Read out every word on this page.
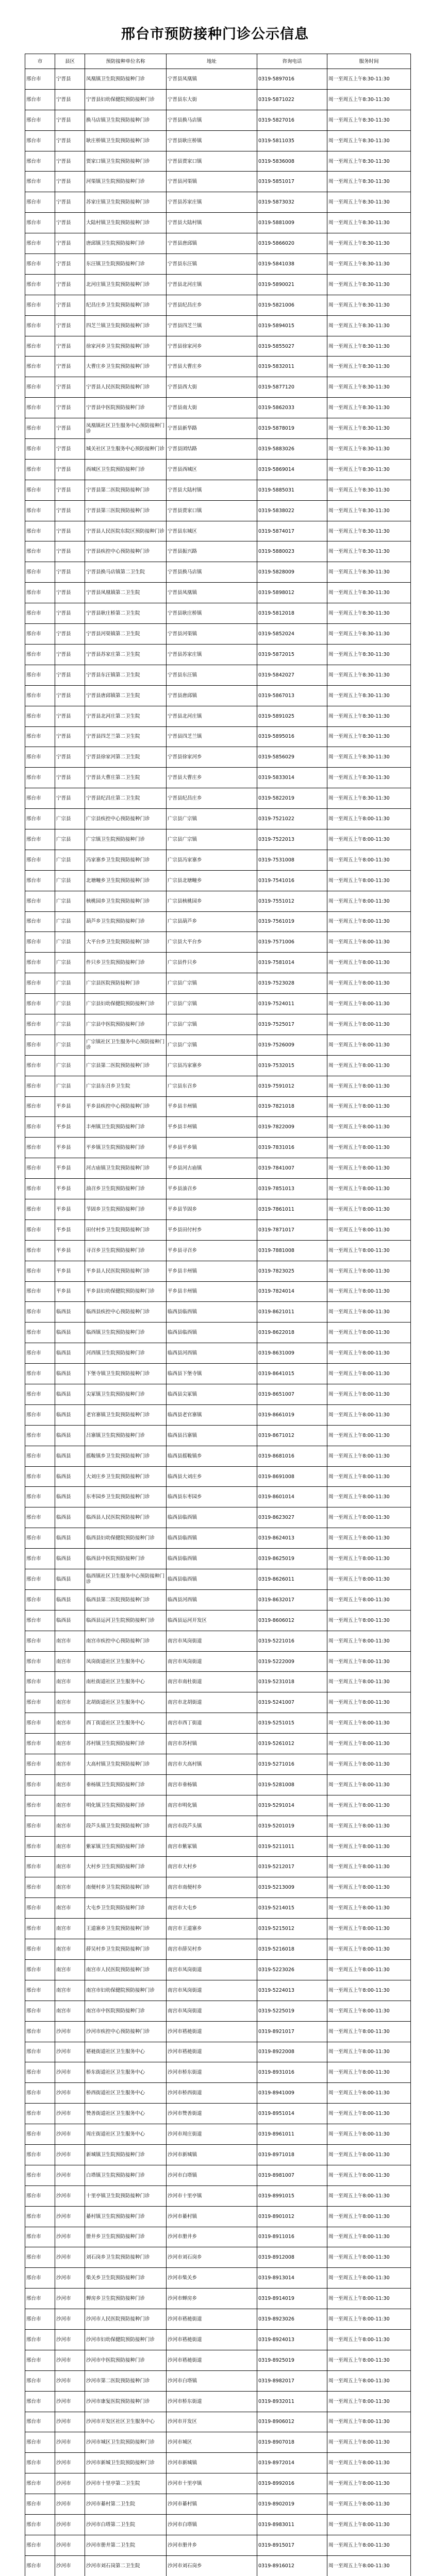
邢台市预防接种门诊公示信息
市	县区	预防接种单位名称	地址	咨询电话	服务时间
邢台市	宁晋县	凤凰镇卫生院预防接种门诊	宁晋县凤凰镇	0319-5897016	周一至周五上午8:30-11:30
邢台市	宁晋县	宁晋县妇幼保健院预防接种门诊	宁晋县东大街	0319-5871022	周一至周五上午8:30-11:30
邢台市	宁晋县	换马店镇卫生院预防接种门诊	宁晋县换马店镇	0319-5827016	周一至周五上午8:30-11:30
邢台市	宁晋县	耿庄桥镇卫生院预防接种门诊	宁晋县耿庄桥镇	0319-5811035	周一至周五上午8:30-11:30
邢台市	宁晋县	贾家口镇卫生院预防接种门诊	宁晋县贾家口镇	0319-5836008	周一至周五上午8:30-11:30
邢台市	宁晋县	河渠镇卫生院预防接种门诊	宁晋县河渠镇	0319-5851017	周一至周五上午8:30-11:30
邢台市	宁晋县	苏家庄镇卫生院预防接种门诊	宁晋县苏家庄镇	0319-5873032	周一至周五上午8:30-11:30
邢台市	宁晋县	大陆村镇卫生院预防接种门诊	宁晋县大陆村镇	0319-5881009	周一至周五上午8:30-11:30
邢台市	宁晋县	唐邱镇卫生院预防接种门诊	宁晋县唐邱镇	0319-5866020	周一至周五上午8:30-11:30
邢台市	宁晋县	东汪镇卫生院预防接种门诊	宁晋县东汪镇	0319-5841038	周一至周五上午8:30-11:30
邢台市	宁晋县	北河庄镇卫生院预防接种门诊	宁晋县北河庄镇	0319-5890021	周一至周五上午8:30-11:30
邢台市	宁晋县	纪昌庄乡卫生院预防接种门诊	宁晋县纪昌庄乡	0319-5821006	周一至周五上午8:30-11:30
邢台市	宁晋县	四芝兰镇卫生院预防接种门诊	宁晋县四芝兰镇	0319-5894015	周一至周五上午8:30-11:30
邢台市	宁晋县	徐家河乡卫生院预防接种门诊	宁晋县徐家河乡	0319-5855027	周一至周五上午8:30-11:30
邢台市	宁晋县	大曹庄乡卫生院预防接种门诊	宁晋县大曹庄乡	0319-5832011	周一至周五上午8:30-11:30
邢台市	宁晋县	宁晋县人民医院预防接种门诊	宁晋县西大街	0319-5877120	周一至周五上午8:30-11:30
邢台市	宁晋县	宁晋县中医院预防接种门诊	宁晋县南大街	0319-5862033	周一至周五上午8:30-11:30
邢台市	宁晋县	凤凰镇社区卫生服务中心预防接种门诊	宁晋县新华路	0319-5878019	周一至周五上午8:30-11:30
邢台市	宁晋县	城关社区卫生服务中心预防接种门诊	宁晋县团结路	0319-5883026	周一至周五上午8:30-11:30
邢台市	宁晋县	西城区卫生院预防接种门诊	宁晋县西城区	0319-5869014	周一至周五上午8:30-11:30
邢台市	宁晋县	宁晋县第二医院预防接种门诊	宁晋县大陆村镇	0319-5885031	周一至周五上午8:30-11:30
邢台市	宁晋县	宁晋县第三医院预防接种门诊	宁晋县贾家口镇	0319-5838022	周一至周五上午8:30-11:30
邢台市	宁晋县	宁晋县人民医院东院区预防接种门诊	宁晋县东城区	0319-5874017	周一至周五上午8:30-11:30
邢台市	宁晋县	宁晋县疾控中心预防接种门诊	宁晋县振兴路	0319-5880023	周一至周五上午8:30-11:30
邢台市	宁晋县	宁晋县换马店镇第二卫生院	宁晋县换马店镇	0319-5828009	周一至周五上午8:30-11:30
邢台市	宁晋县	宁晋县凤凰镇第二卫生院	宁晋县凤凰镇	0319-5898012	周一至周五上午8:30-11:30
邢台市	宁晋县	宁晋县耿庄桥第二卫生院	宁晋县耿庄桥镇	0319-5812018	周一至周五上午8:30-11:30
邢台市	宁晋县	宁晋县河渠镇第二卫生院	宁晋县河渠镇	0319-5852024	周一至周五上午8:30-11:30
邢台市	宁晋县	宁晋县苏家庄第二卫生院	宁晋县苏家庄镇	0319-5872015	周一至周五上午8:30-11:30
邢台市	宁晋县	宁晋县东汪镇第二卫生院	宁晋县东汪镇	0319-5842027	周一至周五上午8:30-11:30
邢台市	宁晋县	宁晋县唐邱镇第二卫生院	宁晋县唐邱镇	0319-5867013	周一至周五上午8:30-11:30
邢台市	宁晋县	宁晋县北河庄第二卫生院	宁晋县北河庄镇	0319-5891025	周一至周五上午8:30-11:30
邢台市	宁晋县	宁晋县四芝兰第二卫生院	宁晋县四芝兰镇	0319-5895016	周一至周五上午8:30-11:30
邢台市	宁晋县	宁晋县徐家河第二卫生院	宁晋县徐家河乡	0319-5856029	周一至周五上午8:30-11:30
邢台市	宁晋县	宁晋县大曹庄第二卫生院	宁晋县大曹庄乡	0319-5833014	周一至周五上午8:30-11:30
邢台市	宁晋县	宁晋县纪昌庄第二卫生院	宁晋县纪昌庄乡	0319-5822019	周一至周五上午8:30-11:30
邢台市	广宗县	广宗县疾控中心预防接种门诊	广宗县广宗镇	0319-7521022	周一至周五上午8:00-11:30
邢台市	广宗县	广宗镇卫生院预防接种门诊	广宗县广宗镇	0319-7522013	周一至周五上午8:00-11:30
邢台市	广宗县	冯家寨乡卫生院预防接种门诊	广宗县冯家寨乡	0319-7531008	周一至周五上午8:00-11:30
邢台市	广宗县	北塘疃乡卫生院预防接种门诊	广宗县北塘疃乡	0319-7541016	周一至周五上午8:00-11:30
邢台市	广宗县	核桃园乡卫生院预防接种门诊	广宗县核桃园乡	0319-7551012	周一至周五上午8:00-11:30
邢台市	广宗县	葫芦乡卫生院预防接种门诊	广宗县葫芦乡	0319-7561019	周一至周五上午8:00-11:30
邢台市	广宗县	大平台乡卫生院预防接种门诊	广宗县大平台乡	0319-7571006	周一至周五上午8:00-11:30
邢台市	广宗县	件只乡卫生院预防接种门诊	广宗县件只乡	0319-7581014	周一至周五上午8:00-11:30
邢台市	广宗县	广宗县医院预防接种门诊	广宗县广宗镇	0319-7523028	周一至周五上午8:00-11:30
邢台市	广宗县	广宗县妇幼保健院预防接种门诊	广宗县广宗镇	0319-7524011	周一至周五上午8:00-11:30
邢台市	广宗县	广宗县中医院预防接种门诊	广宗县广宗镇	0319-7525017	周一至周五上午8:00-11:30
邢台市	广宗县	广宗镇社区卫生服务中心预防接种门诊	广宗县广宗镇	0319-7526009	周一至周五上午8:00-11:30
邢台市	广宗县	广宗县第二医院预防接种门诊	广宗县冯家寨乡	0319-7532015	周一至周五上午8:00-11:30
邢台市	广宗县	广宗县东召乡卫生院	广宗县东召乡	0319-7591012	周一至周五上午8:00-11:30
邢台市	平乡县	平乡县疾控中心预防接种门诊	平乡县丰州镇	0319-7821018	周一至周五上午8:00-11:30
邢台市	平乡县	丰州镇卫生院预防接种门诊	平乡县丰州镇	0319-7822009	周一至周五上午8:00-11:30
邢台市	平乡县	平乡镇卫生院预防接种门诊	平乡县平乡镇	0319-7831016	周一至周五上午8:00-11:30
邢台市	平乡县	河古庙镇卫生院预防接种门诊	平乡县河古庙镇	0319-7841007	周一至周五上午8:00-11:30
邢台市	平乡县	油召乡卫生院预防接种门诊	平乡县油召乡	0319-7851013	周一至周五上午8:00-11:30
邢台市	平乡县	节固乡卫生院预防接种门诊	平乡县节固乡	0319-7861011	周一至周五上午8:00-11:30
邢台市	平乡县	田付村乡卫生院预防接种门诊	平乡县田付村乡	0319-7871017	周一至周五上午8:00-11:30
邢台市	平乡县	寻召乡卫生院预防接种门诊	平乡县寻召乡	0319-7881008	周一至周五上午8:00-11:30
邢台市	平乡县	平乡县人民医院预防接种门诊	平乡县丰州镇	0319-7823025	周一至周五上午8:00-11:30
邢台市	平乡县	平乡县妇幼保健院预防接种门诊	平乡县丰州镇	0319-7824014	周一至周五上午8:00-11:30
邢台市	临西县	临西县疾控中心预防接种门诊	临西县临西镇	0319-8621011	周一至周五上午8:00-11:30
邢台市	临西县	临西镇卫生院预防接种门诊	临西县临西镇	0319-8622018	周一至周五上午8:00-11:30
邢台市	临西县	河西镇卫生院预防接种门诊	临西县河西镇	0319-8631009	周一至周五上午8:00-11:30
邢台市	临西县	下堡寺镇卫生院预防接种门诊	临西县下堡寺镇	0319-8641015	周一至周五上午8:00-11:30
邢台市	临西县	尖冢镇卫生院预防接种门诊	临西县尖冢镇	0319-8651007	周一至周五上午8:00-11:30
邢台市	临西县	老官寨镇卫生院预防接种门诊	临西县老官寨镇	0319-8661019	周一至周五上午8:00-11:30
邢台市	临西县	吕寨镇卫生院预防接种门诊	临西县吕寨镇	0319-8671012	周一至周五上午8:00-11:30
邢台市	临西县	摇鞍镇乡卫生院预防接种门诊	临西县摇鞍镇乡	0319-8681016	周一至周五上午8:00-11:30
邢台市	临西县	大刘庄乡卫生院预防接种门诊	临西县大刘庄乡	0319-8691008	周一至周五上午8:00-11:30
邢台市	临西县	东枣园乡卫生院预防接种门诊	临西县东枣园乡	0319-8601014	周一至周五上午8:00-11:30
邢台市	临西县	临西县人民医院预防接种门诊	临西县临西镇	0319-8623027	周一至周五上午8:00-11:30
邢台市	临西县	临西县妇幼保健院预防接种门诊	临西县临西镇	0319-8624013	周一至周五上午8:00-11:30
邢台市	临西县	临西县中医院预防接种门诊	临西县临西镇	0319-8625019	周一至周五上午8:00-11:30
邢台市	临西县	临西镇社区卫生服务中心预防接种门诊	临西县临西镇	0319-8626011	周一至周五上午8:00-11:30
邢台市	临西县	临西县第二医院预防接种门诊	临西县河西镇	0319-8632017	周一至周五上午8:00-11:30
邢台市	临西县	临西县运河卫生院预防接种门诊	临西县运河开发区	0319-8606012	周一至周五上午8:00-11:30
邢台市	南宫市	南宫市疾控中心预防接种门诊	南宫市凤岗街道	0319-5221016	周一至周五上午8:00-11:30
邢台市	南宫市	凤岗街道社区卫生服务中心	南宫市凤岗街道	0319-5222009	周一至周五上午8:00-11:30
邢台市	南宫市	南杜街道社区卫生服务中心	南宫市南杜街道	0319-5231018	周一至周五上午8:00-11:30
邢台市	南宫市	北胡街道社区卫生服务中心	南宫市北胡街道	0319-5241007	周一至周五上午8:00-11:30
邢台市	南宫市	西丁街道社区卫生服务中心	南宫市西丁街道	0319-5251015	周一至周五上午8:00-11:30
邢台市	南宫市	苏村镇卫生院预防接种门诊	南宫市苏村镇	0319-5261012	周一至周五上午8:00-11:30
邢台市	南宫市	大高村镇卫生院预防接种门诊	南宫市大高村镇	0319-5271016	周一至周五上午8:00-11:30
邢台市	南宫市	垂杨镇卫生院预防接种门诊	南宫市垂杨镇	0319-5281008	周一至周五上午8:00-11:30
邢台市	南宫市	明化镇卫生院预防接种门诊	南宫市明化镇	0319-5291014	周一至周五上午8:00-11:30
邢台市	南宫市	段芦头镇卫生院预防接种门诊	南宫市段芦头镇	0319-5201019	周一至周五上午8:00-11:30
邢台市	南宫市	紫冢镇卫生院预防接种门诊	南宫市紫冢镇	0319-5211011	周一至周五上午8:00-11:30
邢台市	南宫市	大村乡卫生院预防接种门诊	南宫市大村乡	0319-5212017	周一至周五上午8:00-11:30
邢台市	南宫市	南便村乡卫生院预防接种门诊	南宫市南便村乡	0319-5213009	周一至周五上午8:00-11:30
邢台市	南宫市	大屯乡卫生院预防接种门诊	南宫市大屯乡	0319-5214015	周一至周五上午8:00-11:30
邢台市	南宫市	王道寨乡卫生院预防接种门诊	南宫市王道寨乡	0319-5215012	周一至周五上午8:00-11:30
邢台市	南宫市	薛吴村乡卫生院预防接种门诊	南宫市薛吴村乡	0319-5216018	周一至周五上午8:00-11:30
邢台市	南宫市	南宫市人民医院预防接种门诊	南宫市凤岗街道	0319-5223026	周一至周五上午8:00-11:30
邢台市	南宫市	南宫市妇幼保健院预防接种门诊	南宫市凤岗街道	0319-5224013	周一至周五上午8:00-11:30
邢台市	南宫市	南宫市中医院预防接种门诊	南宫市凤岗街道	0319-5225019	周一至周五上午8:00-11:30
邢台市	沙河市	沙河市疾控中心预防接种门诊	沙河市褡裢街道	0319-8921017	周一至周五上午8:00-11:30
邢台市	沙河市	褡裢街道社区卫生服务中心	沙河市褡裢街道	0319-8922008	周一至周五上午8:00-11:30
邢台市	沙河市	桥东街道社区卫生服务中心	沙河市桥东街道	0319-8931016	周一至周五上午8:00-11:30
邢台市	沙河市	桥西街道社区卫生服务中心	沙河市桥西街道	0319-8941009	周一至周五上午8:00-11:30
邢台市	沙河市	赞善街道社区卫生服务中心	沙河市赞善街道	0319-8951014	周一至周五上午8:00-11:30
邢台市	沙河市	周庄街道社区卫生服务中心	沙河市周庄街道	0319-8961011	周一至周五上午8:00-11:30
邢台市	沙河市	新城镇卫生院预防接种门诊	沙河市新城镇	0319-8971018	周一至周五上午8:00-11:30
邢台市	沙河市	白塔镇卫生院预防接种门诊	沙河市白塔镇	0319-8981007	周一至周五上午8:00-11:30
邢台市	沙河市	十里亭镇卫生院预防接种门诊	沙河市十里亭镇	0319-8991015	周一至周五上午8:00-11:30
邢台市	沙河市	綦村镇卫生院预防接种门诊	沙河市綦村镇	0319-8901012	周一至周五上午8:00-11:30
邢台市	沙河市	册井乡卫生院预防接种门诊	沙河市册井乡	0319-8911016	周一至周五上午8:00-11:30
邢台市	沙河市	刘石岗乡卫生院预防接种门诊	沙河市刘石岗乡	0319-8912008	周一至周五上午8:00-11:30
邢台市	沙河市	柴关乡卫生院预防接种门诊	沙河市柴关乡	0319-8913014	周一至周五上午8:00-11:30
邢台市	沙河市	蝉房乡卫生院预防接种门诊	沙河市蝉房乡	0319-8914019	周一至周五上午8:00-11:30
邢台市	沙河市	沙河市人民医院预防接种门诊	沙河市褡裢街道	0319-8923026	周一至周五上午8:00-11:30
邢台市	沙河市	沙河市妇幼保健院预防接种门诊	沙河市褡裢街道	0319-8924013	周一至周五上午8:00-11:30
邢台市	沙河市	沙河市中医院预防接种门诊	沙河市褡裢街道	0319-8925019	周一至周五上午8:00-11:30
邢台市	沙河市	沙河市第二医院预防接种门诊	沙河市白塔镇	0319-8982017	周一至周五上午8:00-11:30
邢台市	沙河市	沙河市康复医院预防接种门诊	沙河市桥东街道	0319-8932011	周一至周五上午8:00-11:30
邢台市	沙河市	沙河市开发区社区卫生服务中心	沙河市开发区	0319-8906012	周一至周五上午8:00-11:30
邢台市	沙河市	沙河市城区卫生院预防接种门诊	沙河市城区	0319-8907018	周一至周五上午8:00-11:30
邢台市	沙河市	沙河市新城卫生院预防接种门诊	沙河市新城镇	0319-8972014	周一至周五上午8:00-11:30
邢台市	沙河市	沙河市十里亭第二卫生院	沙河市十里亭镇	0319-8992016	周一至周五上午8:00-11:30
邢台市	沙河市	沙河市綦村第二卫生院	沙河市綦村镇	0319-8902019	周一至周五上午8:00-11:30
邢台市	沙河市	沙河市白塔第二卫生院	沙河市白塔镇	0319-8983011	周一至周五上午8:00-11:30
邢台市	沙河市	沙河市册井第二卫生院	沙河市册井乡	0319-8915017	周一至周五上午8:00-11:30
邢台市	沙河市	沙河市刘石岗第二卫生院	沙河市刘石岗乡	0319-8916012	周一至周五上午8:00-11:30
